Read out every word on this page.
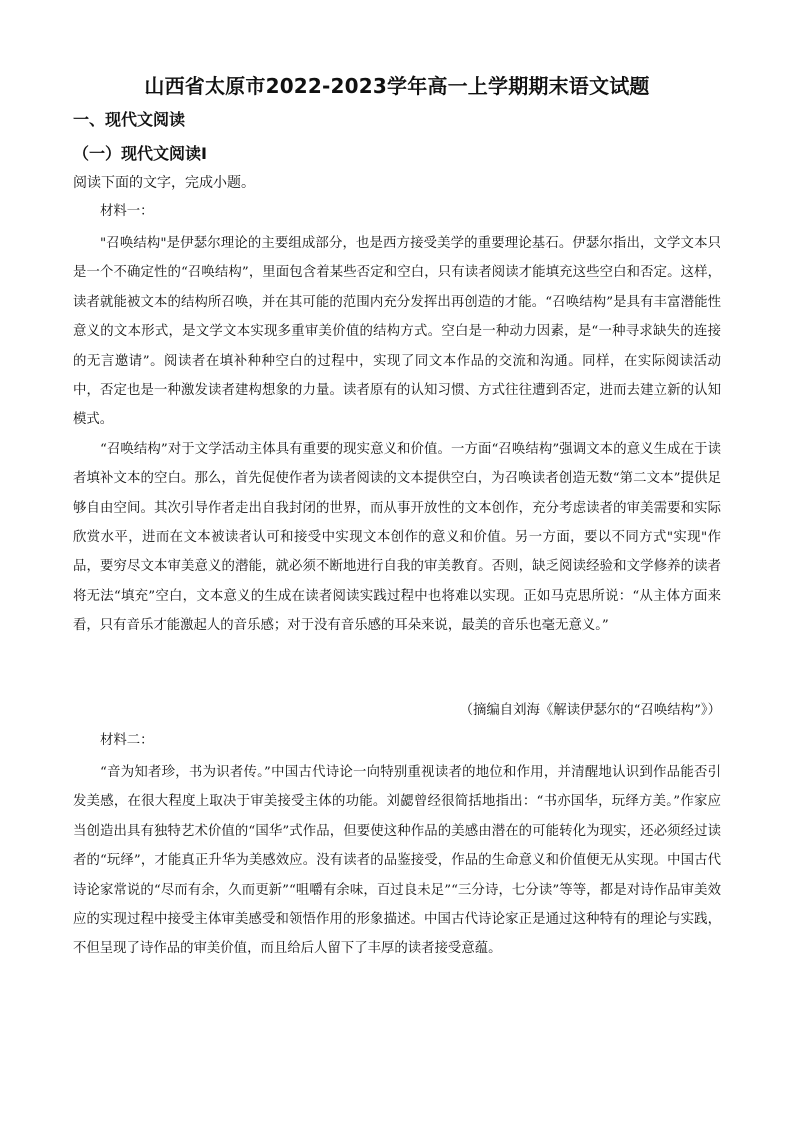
山西省太原市2022-2023学年高一上学期期末语文试题
一、现代文阅读
（一）现代文阅读Ⅰ
阅读下面的文字，完成小题。
材料一：

"召唤结构"是伊瑟尔理论的主要组成部分，也是西方接受美学的重要理论基石。伊瑟尔指出，文学文本只是一个不确定性的“召唤结构”，里面包含着某些否定和空白，只有读者阅读才能填充这些空白和否定。这样，读者就能被文本的结构所召唤，并在其可能的范围内充分发挥出再创造的才能。“召唤结构”是具有丰富潜能性意义的文本形式，是文学文本实现多重审美价值的结构方式。空白是一种动力因素，是“一种寻求缺失的连接的无言邀请”。阅读者在填补种种空白的过程中，实现了同文本作品的交流和沟通。同样，在实际阅读活动中，否定也是一种激发读者建构想象的力量。读者原有的认知习惯、方式往往遭到否定，进而去建立新的认知模式。

“召唤结构”对于文学活动主体具有重要的现实意义和价值。一方面“召唤结构”强调文本的意义生成在于读者填补文本的空白。那么，首先促使作者为读者阅读的文本提供空白，为召唤读者创造无数“第二文本”提供足够自由空间。其次引导作者走出自我封闭的世界，而从事开放性的文本创作，充分考虑读者的审美需要和实际欣赏水平，进而在文本被读者认可和接受中实现文本创作的意义和价值。另一方面，要以不同方式"实现"作品，要穷尽文本审美意义的潜能，就必须不断地进行自我的审美教育。否则，缺乏阅读经验和文学修养的读者将无法“填充”空白，文本意义的生成在读者阅读实践过程中也将难以实现。正如马克思所说：“从主体方面来看，只有音乐才能激起人的音乐感；对于没有音乐感的耳朵来说，最美的音乐也毫无意义。”

（摘编自刘海《解读伊瑟尔的“召唤结构”》）
材料二：

“音为知者珍，书为识者传。”中国古代诗论一向特别重视读者的地位和作用，并清醒地认识到作品能否引发美感，在很大程度上取决于审美接受主体的功能。刘勰曾经很简括地指出：“书亦国华，玩绎方美。”作家应当创造出具有独特艺术价值的“国华”式作品，但要使这种作品的美感由潜在的可能转化为现实，还必须经过读者的“玩绎”，才能真正升华为美感效应。没有读者的品鉴接受，作品的生命意义和价值便无从实现。中国古代诗论家常说的“尽而有余，久而更新”“咀嚼有余味，百过良未足”“三分诗，七分读”等等，都是对诗作品审美效应的实现过程中接受主体审美感受和领悟作用的形象描述。中国古代诗论家正是通过这种特有的理论与实践，不但呈现了诗作品的审美价值，而且给后人留下了丰厚的读者接受意蕴。
